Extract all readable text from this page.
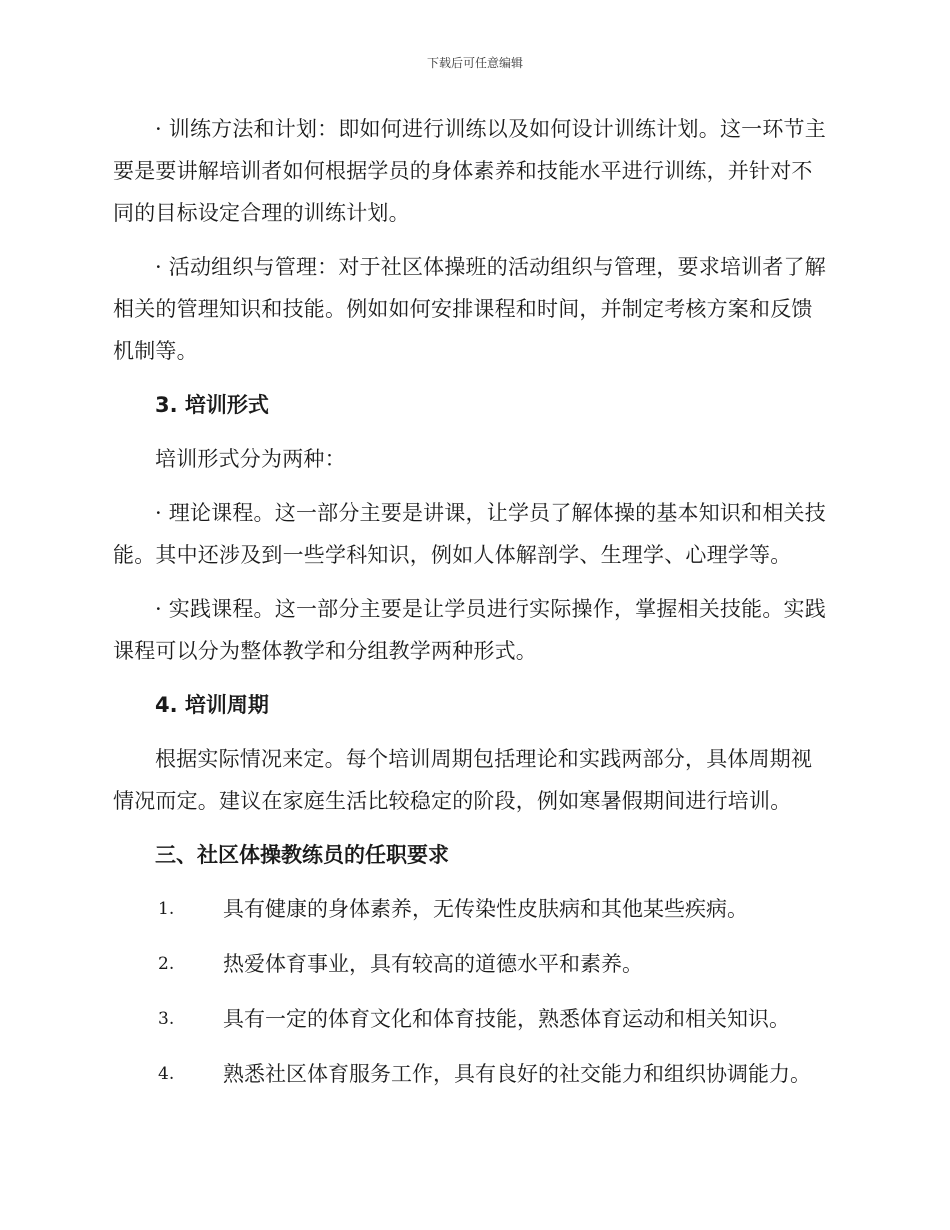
下载后可任意编辑

· 训练方法和计划：即如何进行训练以及如何设计训练计划。这一环节主要是要讲解培训者如何根据学员的身体素养和技能水平进行训练，并针对不同的目标设定合理的训练计划。

· 活动组织与管理：对于社区体操班的活动组织与管理，要求培训者了解相关的管理知识和技能。例如如何安排课程和时间，并制定考核方案和反馈机制等。

3. 培训形式

培训形式分为两种：

· 理论课程。这一部分主要是讲课，让学员了解体操的基本知识和相关技能。其中还涉及到一些学科知识，例如人体解剖学、生理学、心理学等。

· 实践课程。这一部分主要是让学员进行实际操作，掌握相关技能。实践课程可以分为整体教学和分组教学两种形式。

4. 培训周期

根据实际情况来定。每个培训周期包括理论和实践两部分，具体周期视情况而定。建议在家庭生活比较稳定的阶段，例如寒暑假期间进行培训。

三、社区体操教练员的任职要求
1.	具有健康的身体素养，无传染性皮肤病和其他某些疾病。
2.	热爱体育事业，具有较高的道德水平和素养。
3.	具有一定的体育文化和体育技能，熟悉体育运动和相关知识。
4.	熟悉社区体育服务工作，具有良好的社交能力和组织协调能力。
